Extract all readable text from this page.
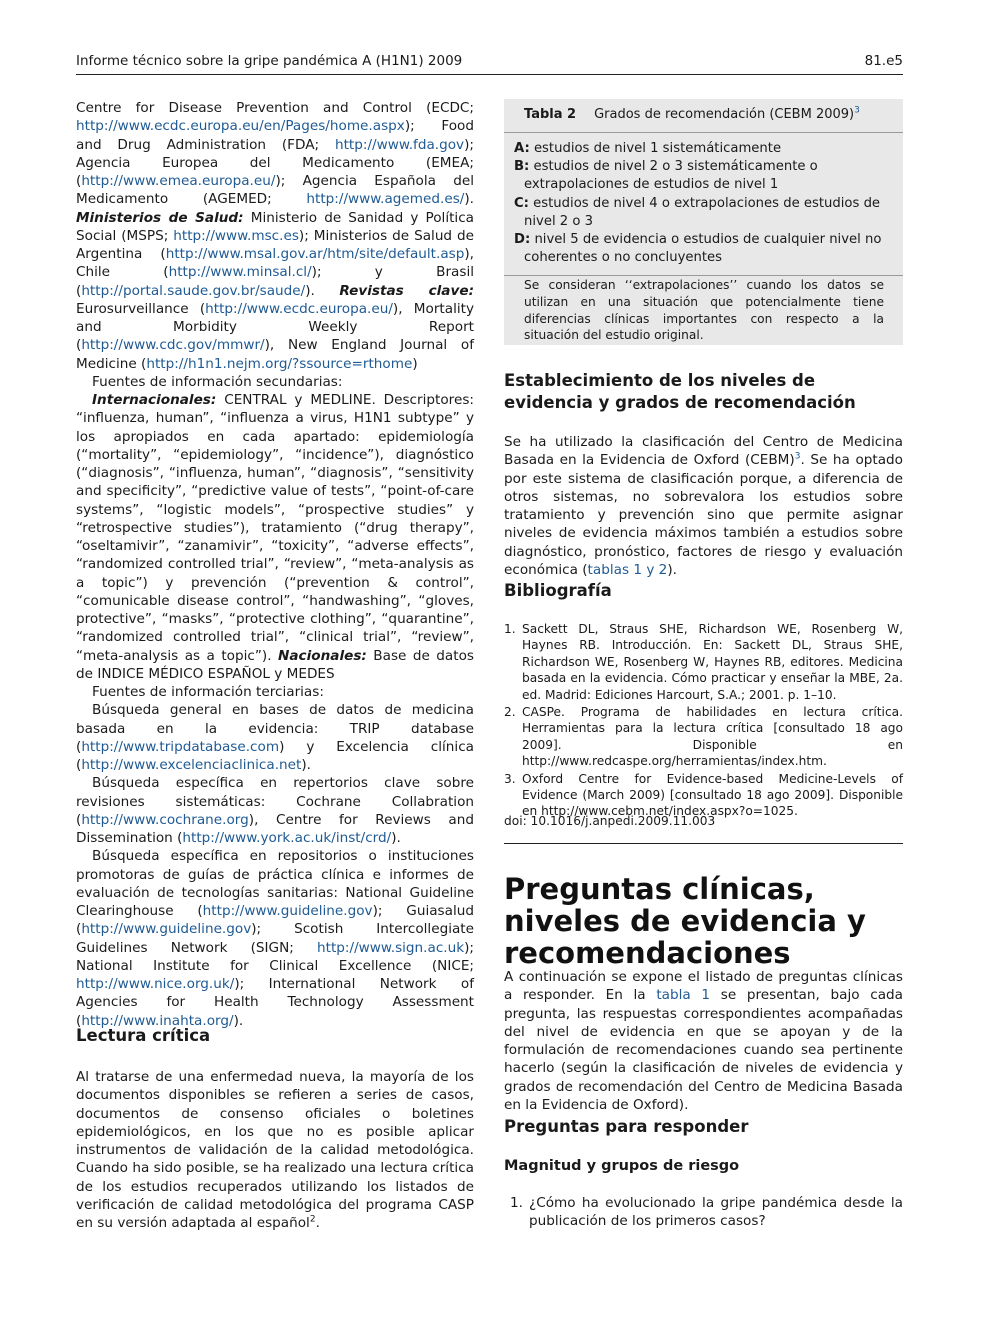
Informe técnico sobre la gripe pandémica A (H1N1) 2009	81.e5

Centre for Disease Prevention and Control (ECDC; http://www.ecdc.europa.eu/en/Pages/home.aspx); Food and Drug Administration (FDA; http://www.fda.gov); Agencia Europea del Medicamento (EMEA; (http://www.emea.europa.eu/); Agencia Española del Medicamento (AGEMED; http://www.agemed.es/). Ministerios de Salud: Ministerio de Sanidad y Política Social (MSPS; http://www.msc.es); Ministerios de Salud de Argentina (http://www.msal.gov.ar/htm/site/default.asp), Chile (http://www.minsal.cl/); y Brasil (http://portal.saude.gov.br/saude/). Revistas clave: Eurosurveillance (http://www.ecdc.europa.eu/), Mortality and Morbidity Weekly Report (http://www.cdc.gov/mmwr/), New England Journal of Medicine (http://h1n1.nejm.org/?ssource=rthome)

Fuentes de información secundarias:

Internacionales: CENTRAL y MEDLINE. Descriptores: “influenza, human”, “influenza a virus, H1N1 subtype” y los apropiados en cada apartado: epidemiología (“mortality”, “epidemiology”, “incidence”), diagnóstico (“diagnosis”, “influenza, human”, “diagnosis”, “sensitivity and specificity”, “predictive value of tests”, “point-of-care systems”, “logistic models”, “prospective studies” y “retrospective studies”), tratamiento (“drug therapy”, “oseltamivir”, “zanamivir”, “toxicity”, “adverse effects”, “randomized controlled trial”, “review”, “meta-analysis as a topic”) y prevención (“prevention & control”, “comunicable disease control”, “handwashing”, “gloves, protective”, “masks”, “protective clothing”, “quarantine”, “randomized controlled trial”, “clinical trial”, “review”, “meta-analysis as a topic”). Nacionales: Base de datos de INDICE MÉDICO ESPAÑOL y MEDES

Fuentes de información terciarias:

Búsqueda general en bases de datos de medicina basada en la evidencia: TRIP database (http://www.tripdatabase.com) y Excelencia clínica (http://www.excelenciaclinica.net).

Búsqueda específica en repertorios clave sobre revisiones sistemáticas: Cochrane Collabration (http://www.cochrane.org), Centre for Reviews and Dissemination (http://www.york.ac.uk/inst/crd/).

Búsqueda específica en repositorios o instituciones promotoras de guías de práctica clínica e informes de evaluación de tecnologías sanitarias: National Guideline Clearinghouse (http://www.guideline.gov); Guiasalud (http://www.guideline.gov); Scotish Intercollegiate Guidelines Network (SIGN; http://www.sign.ac.uk); National Institute for Clinical Excellence (NICE; http://www.nice.org.uk/); International Network of Agencies for Health Technology Assessment (http://www.inahta.org/).

Lectura crítica

Al tratarse de una enfermedad nueva, la mayoría de los documentos disponibles se refieren a series de casos, documentos de consenso oficiales o boletines epidemiológicos, en los que no es posible aplicar instrumentos de validación de la calidad metodológica. Cuando ha sido posible, se ha realizado una lectura crítica de los estudios recuperados utilizando los listados de verificación de calidad metodológica del programa CASP en su versión adaptada al español$^2$.

Tabla 2 Grados de recomendación (CEBM 2009)$^3$
A: estudios de nivel 1 sistemáticamente
B: estudios de nivel 2 o 3 sistemáticamente o extrapolaciones de estudios de nivel 1
C: estudios de nivel 4 o extrapolaciones de estudios de nivel 2 o 3
D: nivel 5 de evidencia o estudios de cualquier nivel no coherentes o no concluyentes
Se consideran ‘‘extrapolaciones’’ cuando los datos se utilizan en una situación que potencialmente tiene diferencias clínicas importantes con respecto a la situación del estudio original.
Establecimiento de los niveles de evidencia y grados de recomendación

Se ha utilizado la clasificación del Centro de Medicina Basada en la Evidencia de Oxford (CEBM)$^3$. Se ha optado por este sistema de clasificación porque, a diferencia de otros sistemas, no sobrevalora los estudios sobre tratamiento y prevención sino que permite asignar niveles de evidencia máximos también a estudios sobre diagnóstico, pronóstico, factores de riesgo y evaluación económica (tablas 1 y 2).

Bibliografía
1. Sackett DL, Straus SHE, Richardson WE, Rosenberg W, Haynes RB. Introducción. En: Sackett DL, Straus SHE, Richardson WE, Rosenberg W, Haynes RB, editores. Medicina basada en la evidencia. Cómo practicar y enseñar la MBE, 2a. ed. Madrid: Ediciones Harcourt, S.A.; 2001. p. 1–10.
2. CASPe. Programa de habilidades en lectura crítica. Herramientas para la lectura crítica [consultado 18 ago 2009]. Disponible en http://www.redcaspe.org/herramientas/index.htm.
3. Oxford Centre for Evidence-based Medicine-Levels of Evidence (March 2009) [consultado 18 ago 2009]. Disponible en http://www.cebm.net/index.aspx?o=1025.
doi: 10.1016/j.anpedi.2009.11.003
Preguntas clínicas, niveles de evidencia y recomendaciones

A continuación se expone el listado de preguntas clínicas a responder. En la tabla 1 se presentan, bajo cada pregunta, las respuestas correspondientes acompañadas del nivel de evidencia en que se apoyan y de la formulación de recomendaciones cuando sea pertinente hacerlo (según la clasificación de niveles de evidencia y grados de recomendación del Centro de Medicina Basada en la Evidencia de Oxford).

Preguntas para responder
Magnitud y grupos de riesgo
1. ¿Cómo ha evolucionado la gripe pandémica desde la publicación de los primeros casos?
